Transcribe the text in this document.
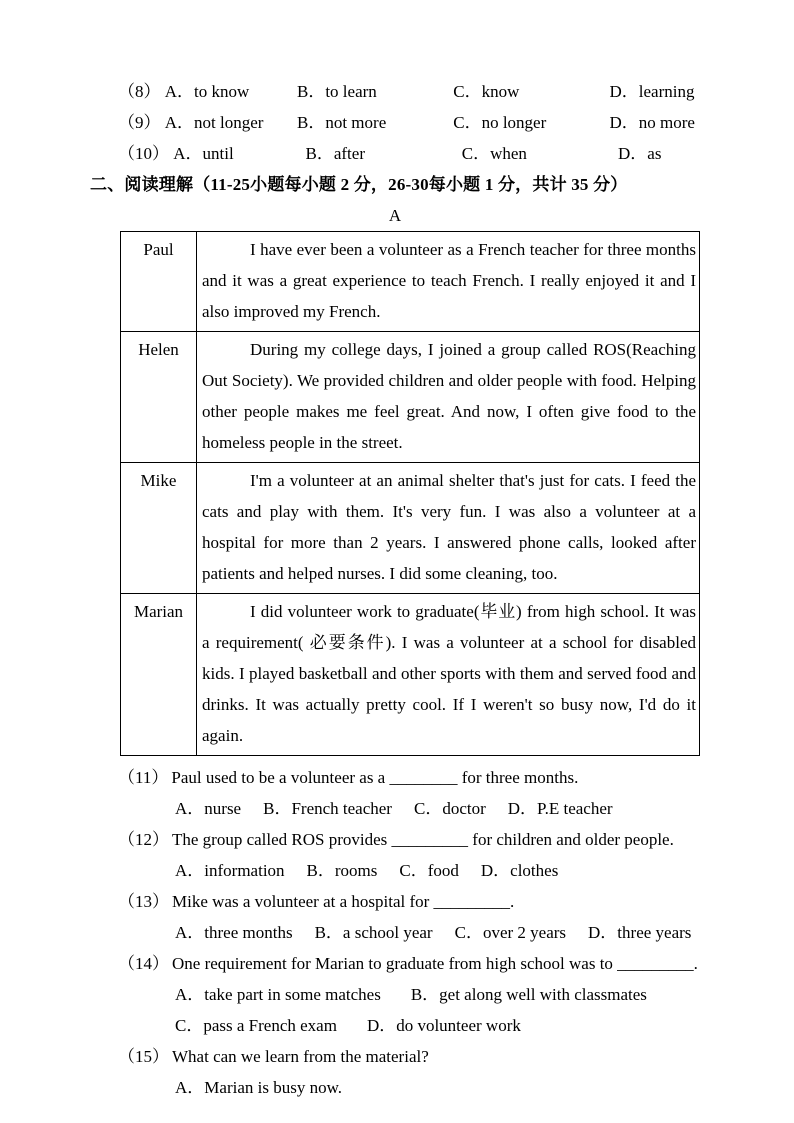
（8） A．to know	B．to learn	C．know	D．learning
（9） A．not longer B．not more	C．no longer	D．no more
（10） A．until	B．after	C．when	D．as
二、阅读理解（11-25小题每小题 2 分，26-30每小题 1 分，共计 35 分）
A
Paul	I have ever been a volunteer as a French teacher for three months and it was a great experience to teach French. I really enjoyed it and I also improved my French.
Helen	During my college days, I joined a group called ROS(Reaching Out Society). We provided children and older people with food. Helping other people makes me feel great. And now, I often give food to the homeless people in the street.
Mike	I'm a volunteer at an animal shelter that's just for cats. I feed the cats and play with them. It's very fun. I was also a volunteer at a hospital for more than 2 years. I answered phone calls, looked after patients and helped nurses. I did some cleaning, too.
Marian	I did volunteer work to graduate(毕业) from high school. It was a requirement( 必要条件). I was a volunteer at a school for disabled kids. I played basketball and other sports with them and served food and drinks. It was actually pretty cool. If I weren't so busy now, I'd do it again.
（11） Paul used to be a volunteer as a ________ for three months.
A．nurse B．French teacher C．doctor D．P.E teacher
（12） The group called ROS provides _________ for children and older people.
A．information B．rooms C．food D．clothes
（13） Mike was a volunteer at a hospital for _________.
A．three months B．a school year C．over 2 years D．three years
（14） One requirement for Marian to graduate from high school was to _________.
A．take part in some matches B．get along well with classmates
C．pass a French exam D．do volunteer work
（15） What can we learn from the material?
A．Marian is busy now.
